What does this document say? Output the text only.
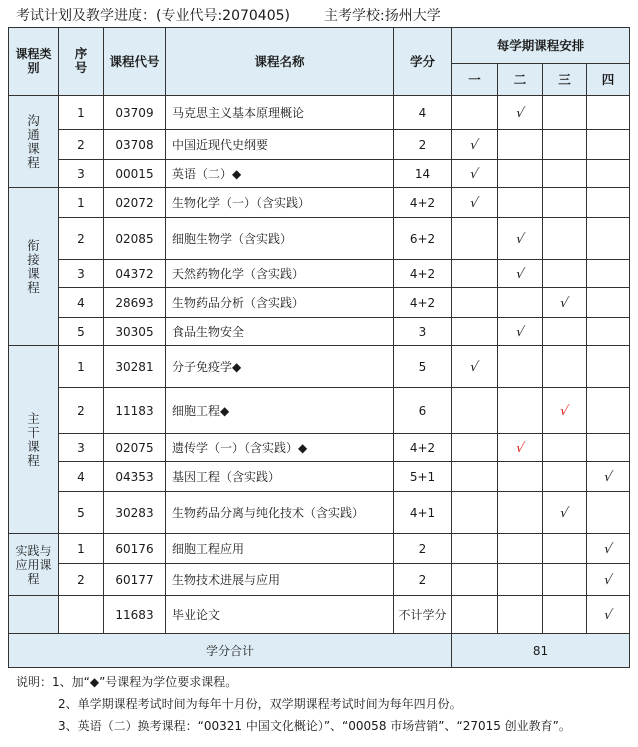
考试计划及教学进度：(专业代号:2070405) 主考学校:扬州大学
课程类别	序号	课程代号	课程名称	学分	每学期课程安排			
					一	二	三	四
沟通课程	1	03709	马克思主义基本原理概论	4		√		
	2	03708	中国近现代史纲要	2	√			
	3	00015	英语（二）◆	14	√			
衔接课程	1	02072	生物化学（一）（含实践）	4+2	√			
	2	02085	细胞生物学（含实践）	6+2		√		
	3	04372	天然药物化学（含实践）	4+2		√		
	4	28693	生物药品分析（含实践）	4+2			√	
	5	30305	食品生物安全	3		√		
主干课程	1	30281	分子免疫学◆	5	√			
	2	11183	细胞工程◆	6			√	
	3	02075	遗传学（一）（含实践）◆	4+2		√		
	4	04353	基因工程（含实践）	5+1				√
	5	30283	生物药品分离与纯化技术（含实践）	4+1			√	
实践与应用课程	1	60176	细胞工程应用	2				√
	2	60177	生物技术进展与应用	2				√
		11683	毕业论文	不计学分				√
学分合计					81			
说明：1、加“◆”号课程为学位要求课程。
2、单学期课程考试时间为每年十月份，双学期课程考试时间为每年四月份。
3、英语（二）换考课程：“00321 中国文化概论）”、“00058 市场营销”、“27015 创业教育”。
